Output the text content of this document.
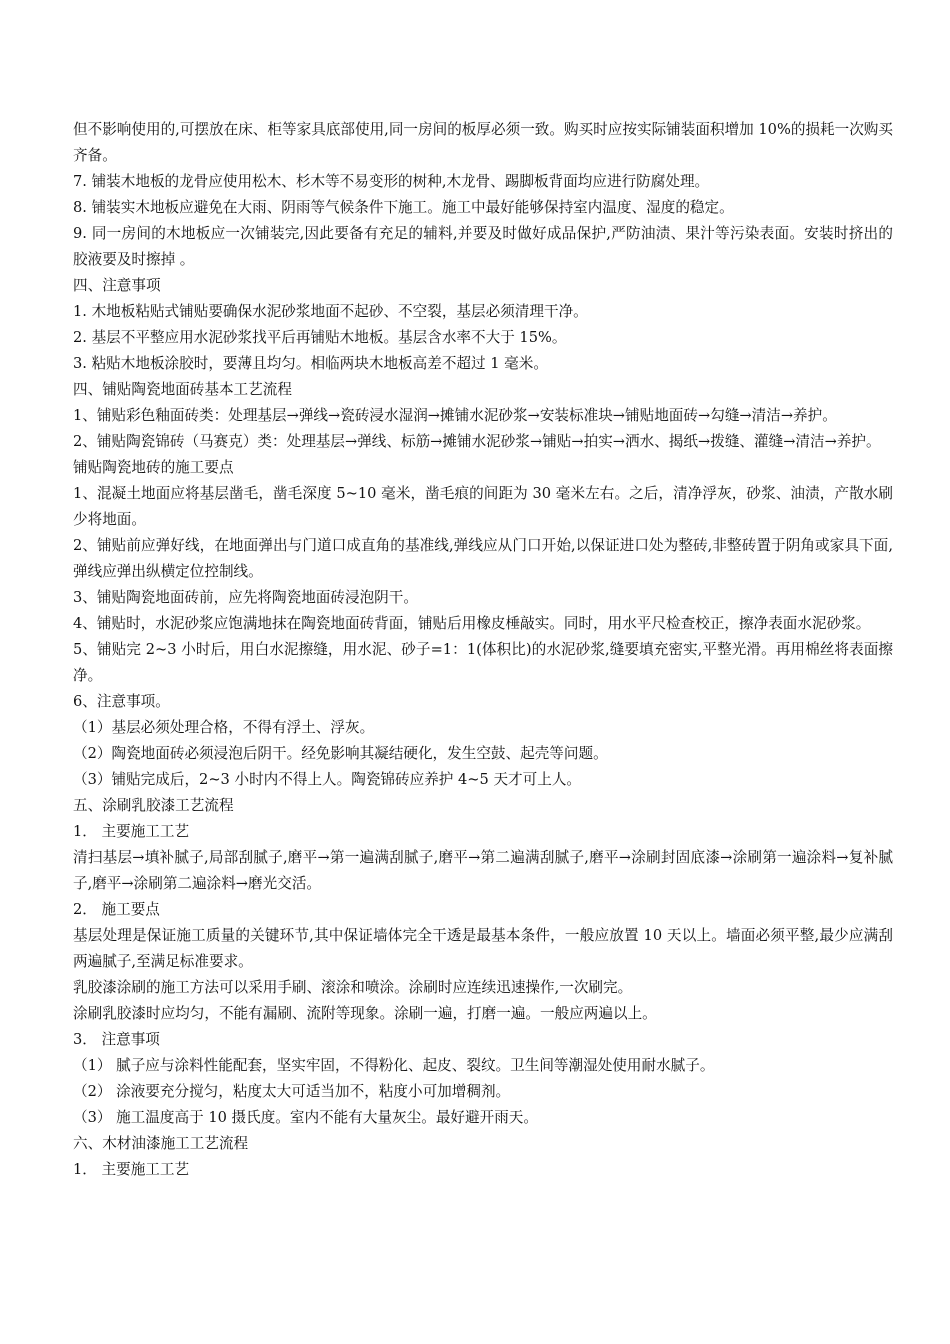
但不影响使用的,可摆放在床、柜等家具底部使用,同一房间的板厚必须一致。购买时应按实际铺装面积增加 10%的损耗一次购买齐备。

7. 铺装木地板的龙骨应使用松木、杉木等不易变形的树种,木龙骨、踢脚板背面均应进行防腐处理。

8. 铺装实木地板应避免在大雨、阴雨等气候条件下施工。施工中最好能够保持室内温度、湿度的稳定。

9. 同一房间的木地板应一次铺装完,因此要备有充足的辅料,并要及时做好成品保护,严防油渍、果汁等污染表面。安装时挤出的胶液要及时擦掉 。

四、注意事项

1. 木地板粘贴式铺贴要确保水泥砂浆地面不起砂、不空裂，基层必须清理干净。

2. 基层不平整应用水泥砂浆找平后再铺贴木地板。基层含水率不大于 15%。

3. 粘贴木地板涂胶时，要薄且均匀。相临两块木地板高差不超过 1 毫米。

四、铺贴陶瓷地面砖基本工艺流程

1、铺贴彩色釉面砖类：处理基层→弹线→瓷砖浸水湿润→摊铺水泥砂浆→安装标准块→铺贴地面砖→勾缝→清洁→养护。

2、铺贴陶瓷锦砖（马赛克）类：处理基层→弹线、标筋→摊铺水泥砂浆→铺贴→拍实→洒水、揭纸→拨缝、灌缝→清洁→养护。

铺贴陶瓷地砖的施工要点

1、混凝土地面应将基层凿毛，凿毛深度 5~10 毫米，凿毛痕的间距为 30 毫米左右。之后，清净浮灰，砂浆、油渍，产散水刷少将地面。

2、铺贴前应弹好线，在地面弹出与门道口成直角的基准线,弹线应从门口开始,以保证进口处为整砖,非整砖置于阴角或家具下面,弹线应弹出纵横定位控制线。

3、铺贴陶瓷地面砖前，应先将陶瓷地面砖浸泡阴干。

4、铺贴时，水泥砂浆应饱满地抹在陶瓷地面砖背面，铺贴后用橡皮棰敲实。同时，用水平尺检查校正，擦净表面水泥砂浆。

5、铺贴完 2~3 小时后，用白水泥擦缝，用水泥、砂子=1：1(体积比)的水泥砂浆,缝要填充密实,平整光滑。再用棉丝将表面擦净。

6、注意事项。

（1）基层必须处理合格，不得有浮土、浮灰。

（2）陶瓷地面砖必须浸泡后阴干。经免影响其凝结硬化，发生空鼓、起壳等问题。

（3）铺贴完成后，2~3 小时内不得上人。陶瓷锦砖应养护 4~5 天才可上人。

五、涂刷乳胶漆工艺流程

1． 主要施工工艺

清扫基层→填补腻子,局部刮腻子,磨平→第一遍满刮腻子,磨平→第二遍满刮腻子,磨平→涂刷封固底漆→涂刷第一遍涂料→复补腻子,磨平→涂刷第二遍涂料→磨光交活。

2． 施工要点

基层处理是保证施工质量的关键环节,其中保证墙体完全干透是最基本条件，一般应放置 10 天以上。墙面必须平整,最少应满刮两遍腻子,至满足标准要求。

乳胶漆涂刷的施工方法可以采用手刷、滚涂和喷涂。涂刷时应连续迅速操作,一次刷完。

涂刷乳胶漆时应均匀，不能有漏刷、流附等现象。涂刷一遍，打磨一遍。一般应两遍以上。

3． 注意事项

（1） 腻子应与涂料性能配套，坚实牢固，不得粉化、起皮、裂纹。卫生间等潮湿处使用耐水腻子。

（2） 涂液要充分搅匀，粘度太大可适当加不，粘度小可加增稠剂。

（3） 施工温度高于 10 摄氏度。室内不能有大量灰尘。最好避开雨天。

六、木材油漆施工工艺流程

1． 主要施工工艺
